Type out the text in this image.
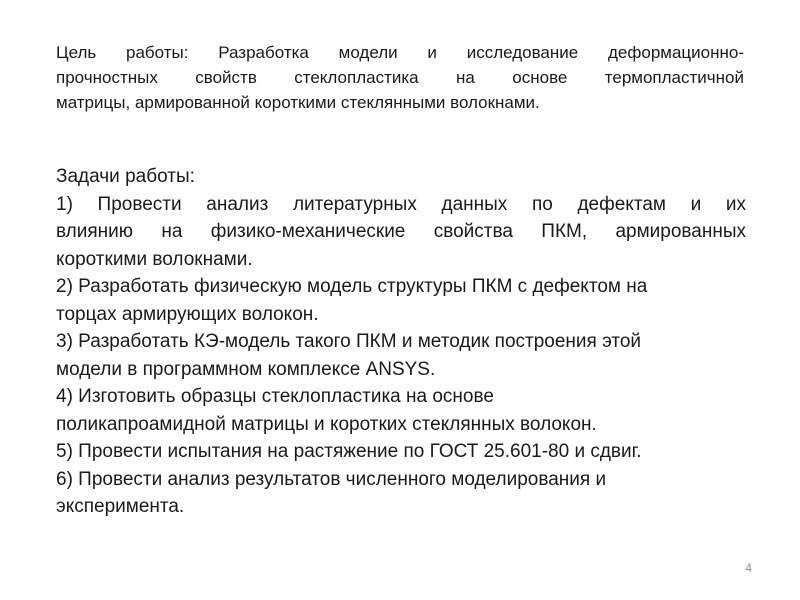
Цель работы: Разработка модели и исследование деформационно-
прочностных свойств стеклопластика на основе термопластичной
матрицы, армированной короткими стеклянными волокнами.
Задачи работы:
1) Провести анализ литературных данных по дефектам и их
влиянию на физико-механические свойства ПКМ, армированных
короткими волокнами.
2) Разработать физическую модель структуры ПКМ с дефектом на
торцах армирующих волокон.
3) Разработать КЭ-модель такого ПКМ и методик построения этой
модели в программном комплексе ANSYS.
4) Изготовить образцы стеклопластика на основе
поликапроамидной матрицы и коротких стеклянных волокон.
5) Провести испытания на растяжение по ГОСТ 25.601-80 и сдвиг.
6) Провести анализ результатов численного моделирования и
эксперимента.
4
